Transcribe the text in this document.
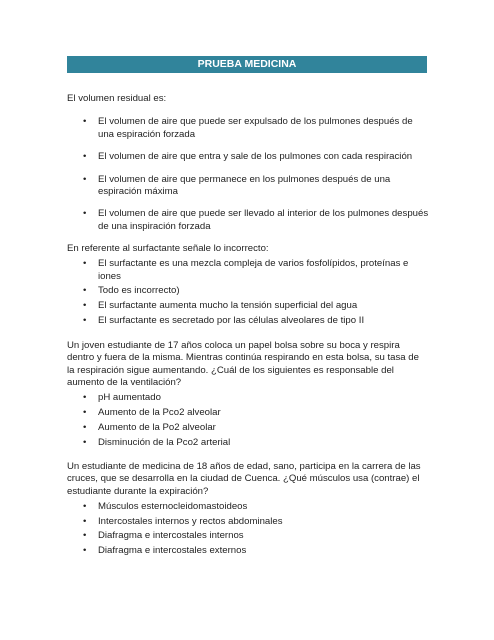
PRUEBA MEDICINA

El volumen residual es:

• El volumen de aire que puede ser expulsado de los pulmones después de una espiración forzada
• El volumen de aire que entra y sale de los pulmones con cada respiración
• El volumen de aire que permanece en los pulmones después de una espiración máxima
• El volumen de aire que puede ser llevado al interior de los pulmones después de una inspiración forzada

En referente al surfactante señale lo incorrecto:

• El surfactante es una mezcla compleja de varios fosfolípidos, proteínas e iones
• Todo es incorrecto)
• El surfactante aumenta mucho la tensión superficial del agua
• El surfactante es secretado por las células alveolares de tipo II

Un joven estudiante de 17 años coloca un papel bolsa sobre su boca y respira dentro y fuera de la misma. Mientras continúa respirando en esta bolsa, su tasa de la respiración sigue aumentando. ¿Cuál de los siguientes es responsable del aumento de la ventilación?

• pH aumentado
• Aumento de la Pco2 alveolar
• Aumento de la Po2 alveolar
• Disminución de la Pco2 arterial

Un estudiante de medicina de 18 años de edad, sano, participa en la carrera de las cruces, que se desarrolla en la ciudad de Cuenca. ¿Qué músculos usa (contrae) el estudiante durante la expiración?

• Músculos esternocleidomastoideos
• Intercostales internos y rectos abdominales
• Diafragma e intercostales internos
• Diafragma e intercostales externos
